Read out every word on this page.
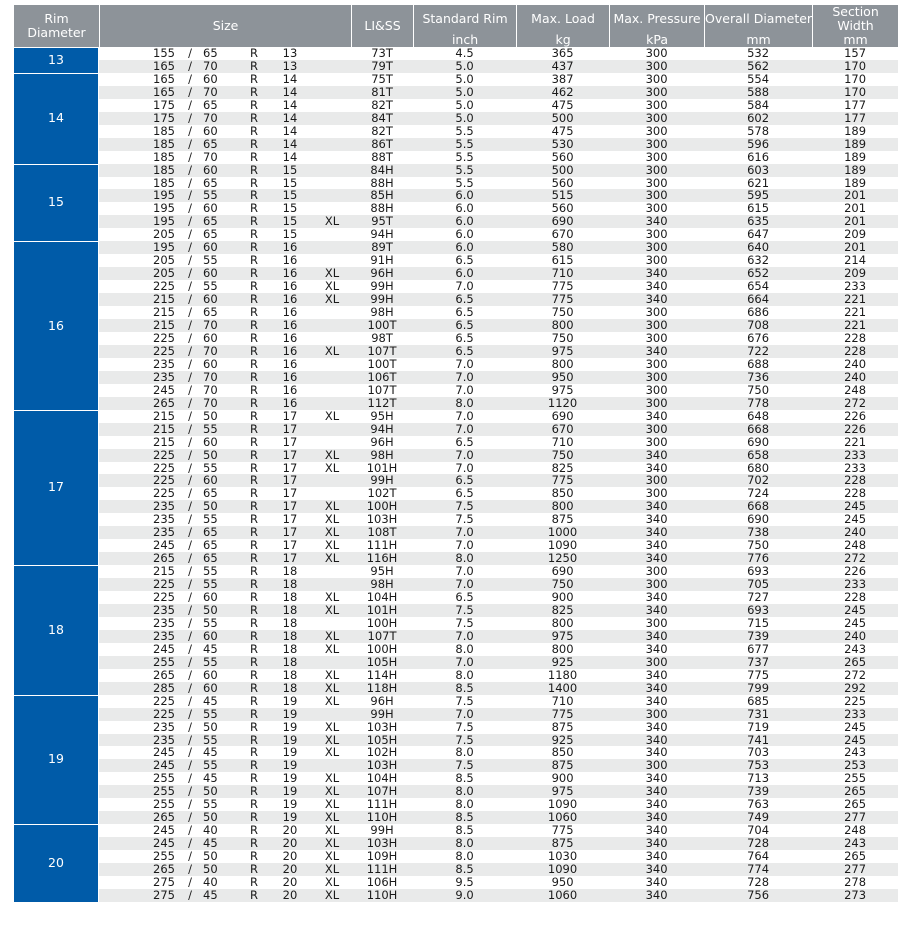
Rim
Diameter	Size						LI&SS	Standard Rim	Max. Load	Max. Pressure	Overall Diameter	Section Width
								inch	kg	kPa	mm	mm
13	155	/	65	R	13		73T	4.5	365	300	532	157
	165	/	70	R	13		79T	5.0	437	300	562	170
14	165	/	60	R	14		75T	5.0	387	300	554	170
	165	/	70	R	14		81T	5.0	462	300	588	170
	175	/	65	R	14		82T	5.0	475	300	584	177
	175	/	70	R	14		84T	5.0	500	300	602	177
	185	/	60	R	14		82T	5.5	475	300	578	189
	185	/	65	R	14		86T	5.5	530	300	596	189
	185	/	70	R	14		88T	5.5	560	300	616	189
15	185	/	60	R	15		84H	5.5	500	300	603	189
	185	/	65	R	15		88H	5.5	560	300	621	189
	195	/	55	R	15		85H	6.0	515	300	595	201
	195	/	60	R	15		88H	6.0	560	300	615	201
	195	/	65	R	15	XL	95T	6.0	690	340	635	201
	205	/	65	R	15		94H	6.0	670	300	647	209
16	195	/	60	R	16		89T	6.0	580	300	640	201
	205	/	55	R	16		91H	6.5	615	300	632	214
	205	/	60	R	16	XL	96H	6.0	710	340	652	209
	225	/	55	R	16	XL	99H	7.0	775	340	654	233
	215	/	60	R	16	XL	99H	6.5	775	340	664	221
	215	/	65	R	16		98H	6.5	750	300	686	221
	215	/	70	R	16		100T	6.5	800	300	708	221
	225	/	60	R	16		98T	6.5	750	300	676	228
	225	/	70	R	16	XL	107T	6.5	975	340	722	228
	235	/	60	R	16		100T	7.0	800	300	688	240
	235	/	70	R	16		106T	7.0	950	300	736	240
	245	/	70	R	16		107T	7.0	975	300	750	248
	265	/	70	R	16		112T	8.0	1120	300	778	272
17	215	/	50	R	17	XL	95H	7.0	690	340	648	226
	215	/	55	R	17		94H	7.0	670	300	668	226
	215	/	60	R	17		96H	6.5	710	300	690	221
	225	/	50	R	17	XL	98H	7.0	750	340	658	233
	225	/	55	R	17	XL	101H	7.0	825	340	680	233
	225	/	60	R	17		99H	6.5	775	300	702	228
	225	/	65	R	17		102T	6.5	850	300	724	228
	235	/	50	R	17	XL	100H	7.5	800	340	668	245
	235	/	55	R	17	XL	103H	7.5	875	340	690	245
	235	/	65	R	17	XL	108T	7.0	1000	340	738	240
	245	/	65	R	17	XL	111H	7.0	1090	340	750	248
	265	/	65	R	17	XL	116H	8.0	1250	340	776	272
18	215	/	55	R	18		95H	7.0	690	300	693	226
	225	/	55	R	18		98H	7.0	750	300	705	233
	225	/	60	R	18	XL	104H	6.5	900	340	727	228
	235	/	50	R	18	XL	101H	7.5	825	340	693	245
	235	/	55	R	18		100H	7.5	800	300	715	245
	235	/	60	R	18	XL	107T	7.0	975	340	739	240
	245	/	45	R	18	XL	100H	8.0	800	340	677	243
	255	/	55	R	18		105H	7.0	925	300	737	265
	265	/	60	R	18	XL	114H	8.0	1180	340	775	272
	285	/	60	R	18	XL	118H	8.5	1400	340	799	292
19	225	/	45	R	19	XL	96H	7.5	710	340	685	225
	225	/	55	R	19		99H	7.0	775	300	731	233
	235	/	50	R	19	XL	103H	7.5	875	340	719	245
	235	/	55	R	19	XL	105H	7.5	925	340	741	245
	245	/	45	R	19	XL	102H	8.0	850	340	703	243
	245	/	55	R	19		103H	7.5	875	300	753	253
	255	/	45	R	19	XL	104H	8.5	900	340	713	255
	255	/	50	R	19	XL	107H	8.0	975	340	739	265
	255	/	55	R	19	XL	111H	8.0	1090	340	763	265
	265	/	50	R	19	XL	110H	8.5	1060	340	749	277
20	245	/	40	R	20	XL	99H	8.5	775	340	704	248
	245	/	45	R	20	XL	103H	8.0	875	340	728	243
	255	/	50	R	20	XL	109H	8.0	1030	340	764	265
	265	/	50	R	20	XL	111H	8.5	1090	340	774	277
	275	/	40	R	20	XL	106H	9.5	950	340	728	278
	275	/	45	R	20	XL	110H	9.0	1060	340	756	273
